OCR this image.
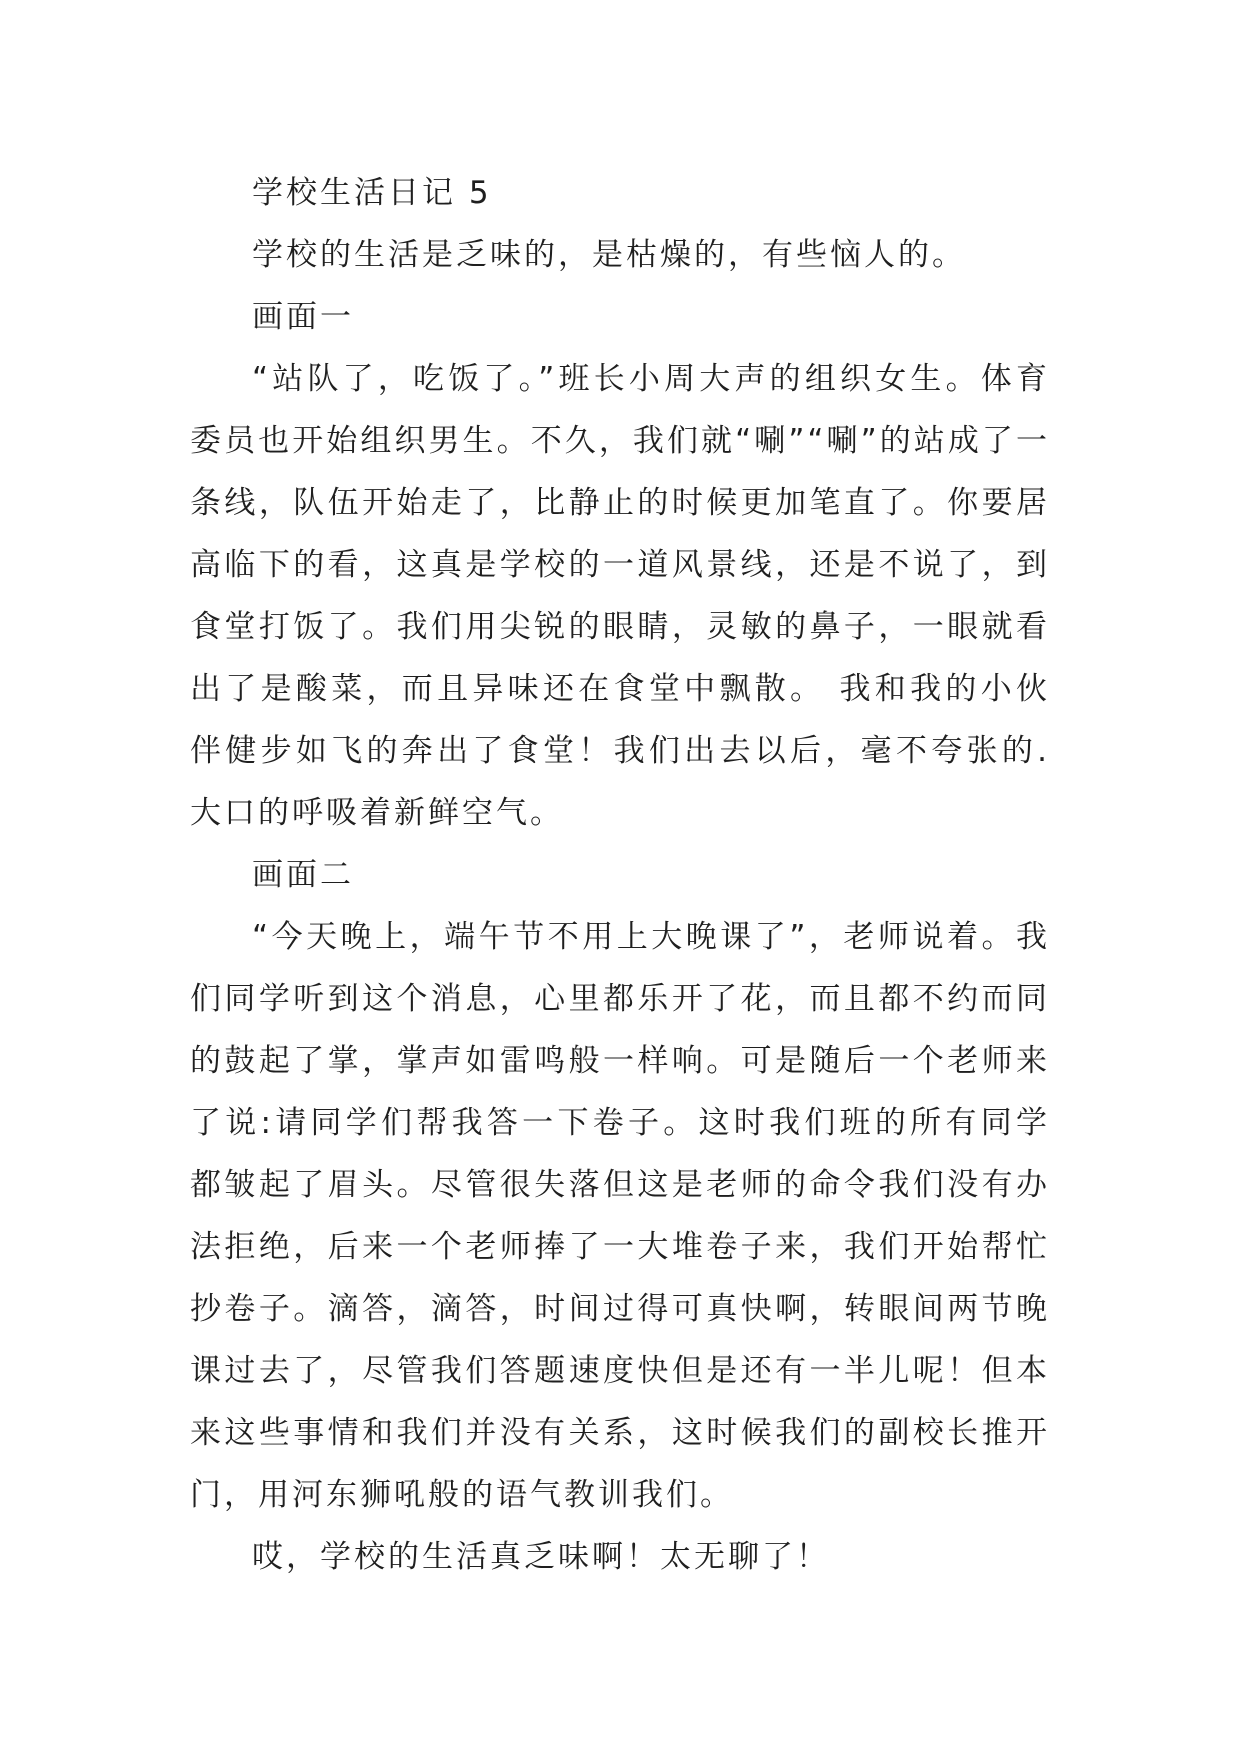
学校生活日记 5

学校的生活是乏味的，是枯燥的，有些恼人的。

画面一

“站队了，吃饭了。”班长小周大声的组织女生。体育委员也开始组织男生。不久，我们就“唰”“唰”的站成了一条线，队伍开始走了，比静止的时候更加笔直了。你要居高临下的看，这真是学校的一道风景线，还是不说了，到食堂打饭了。我们用尖锐的眼睛，灵敏的鼻子，一眼就看出了是酸菜，而且异味还在食堂中飘散。 我和我的小伙伴健步如飞的奔出了食堂！我们出去以后，毫不夸张的.大口的呼吸着新鲜空气。

画面二

“今天晚上，端午节不用上大晚课了”，老师说着。我们同学听到这个消息，心里都乐开了花，而且都不约而同的鼓起了掌，掌声如雷鸣般一样响。可是随后一个老师来了说:请同学们帮我答一下卷子。这时我们班的所有同学都皱起了眉头。尽管很失落但这是老师的命令我们没有办法拒绝，后来一个老师捧了一大堆卷子来，我们开始帮忙抄卷子。滴答，滴答，时间过得可真快啊，转眼间两节晚课过去了，尽管我们答题速度快但是还有一半儿呢！但本来这些事情和我们并没有关系，这时候我们的副校长推开门，用河东狮吼般的语气教训我们。

哎，学校的生活真乏味啊！太无聊了！
